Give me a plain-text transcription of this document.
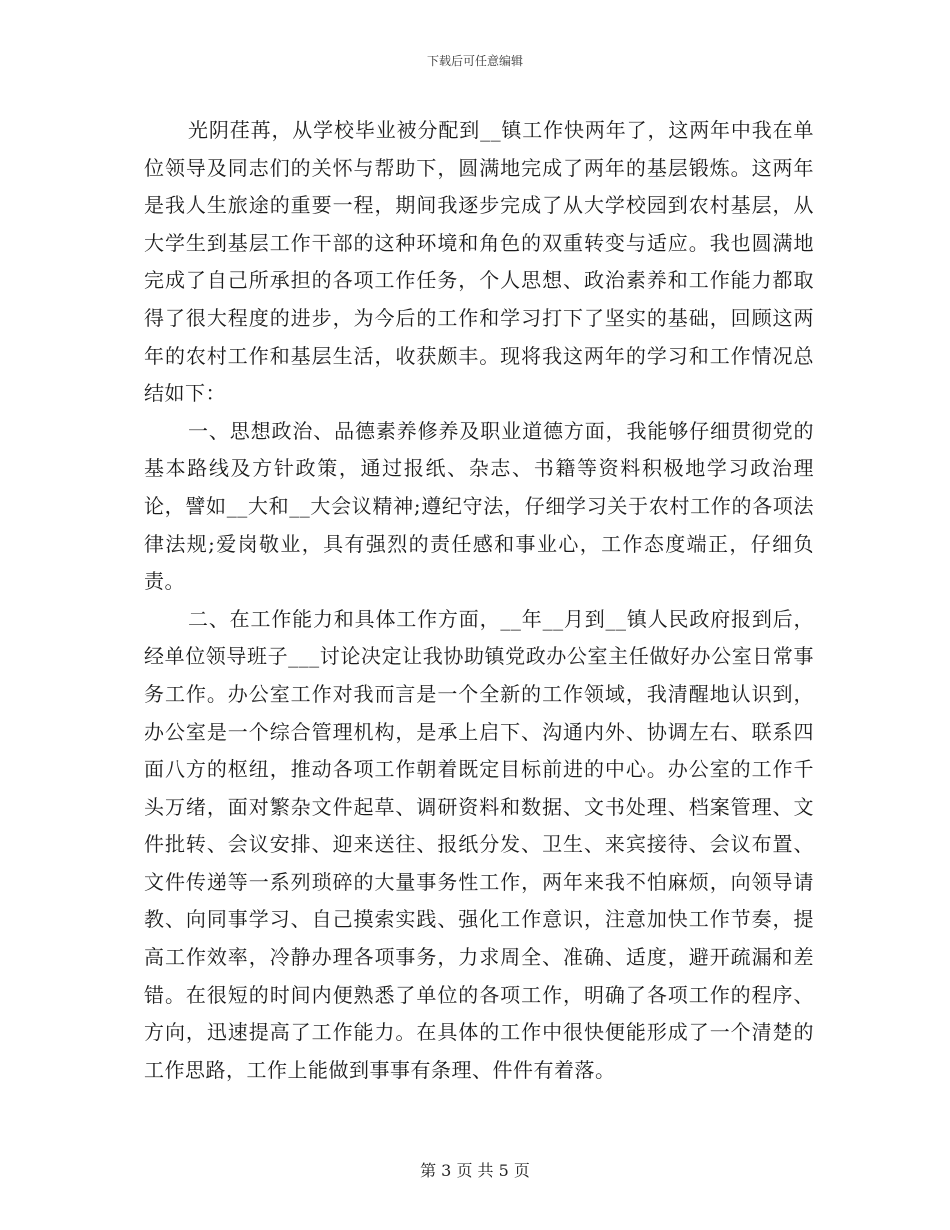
下载后可任意编辑

光阴荏苒，从学校毕业被分配到__镇工作快两年了，这两年中我在单位领导及同志们的关怀与帮助下，圆满地完成了两年的基层锻炼。这两年是我人生旅途的重要一程，期间我逐步完成了从大学校园到农村基层，从大学生到基层工作干部的这种环境和角色的双重转变与适应。我也圆满地完成了自己所承担的各项工作任务，个人思想、政治素养和工作能力都取得了很大程度的进步，为今后的工作和学习打下了坚实的基础，回顾这两年的农村工作和基层生活，收获颇丰。现将我这两年的学习和工作情况总结如下：

一、思想政治、品德素养修养及职业道德方面，我能够仔细贯彻党的基本路线及方针政策，通过报纸、杂志、书籍等资料积极地学习政治理论，譬如__大和__大会议精神;遵纪守法，仔细学习关于农村工作的各项法律法规;爱岗敬业，具有强烈的责任感和事业心，工作态度端正，仔细负责。

二、在工作能力和具体工作方面，__年__月到__镇人民政府报到后，经单位领导班子___讨论决定让我协助镇党政办公室主任做好办公室日常事务工作。办公室工作对我而言是一个全新的工作领域，我清醒地认识到，办公室是一个综合管理机构，是承上启下、沟通内外、协调左右、联系四面八方的枢纽，推动各项工作朝着既定目标前进的中心。办公室的工作千头万绪，面对繁杂文件起草、调研资料和数据、文书处理、档案管理、文件批转、会议安排、迎来送往、报纸分发、卫生、来宾接待、会议布置、文件传递等一系列琐碎的大量事务性工作，两年来我不怕麻烦，向领导请教、向同事学习、自己摸索实践、强化工作意识，注意加快工作节奏，提高工作效率，冷静办理各项事务，力求周全、准确、适度，避开疏漏和差错。在很短的时间内便熟悉了单位的各项工作，明确了各项工作的程序、方向，迅速提高了工作能力。在具体的工作中很快便能形成了一个清楚的工作思路，工作上能做到事事有条理、件件有着落。

第 3 页 共 5 页
